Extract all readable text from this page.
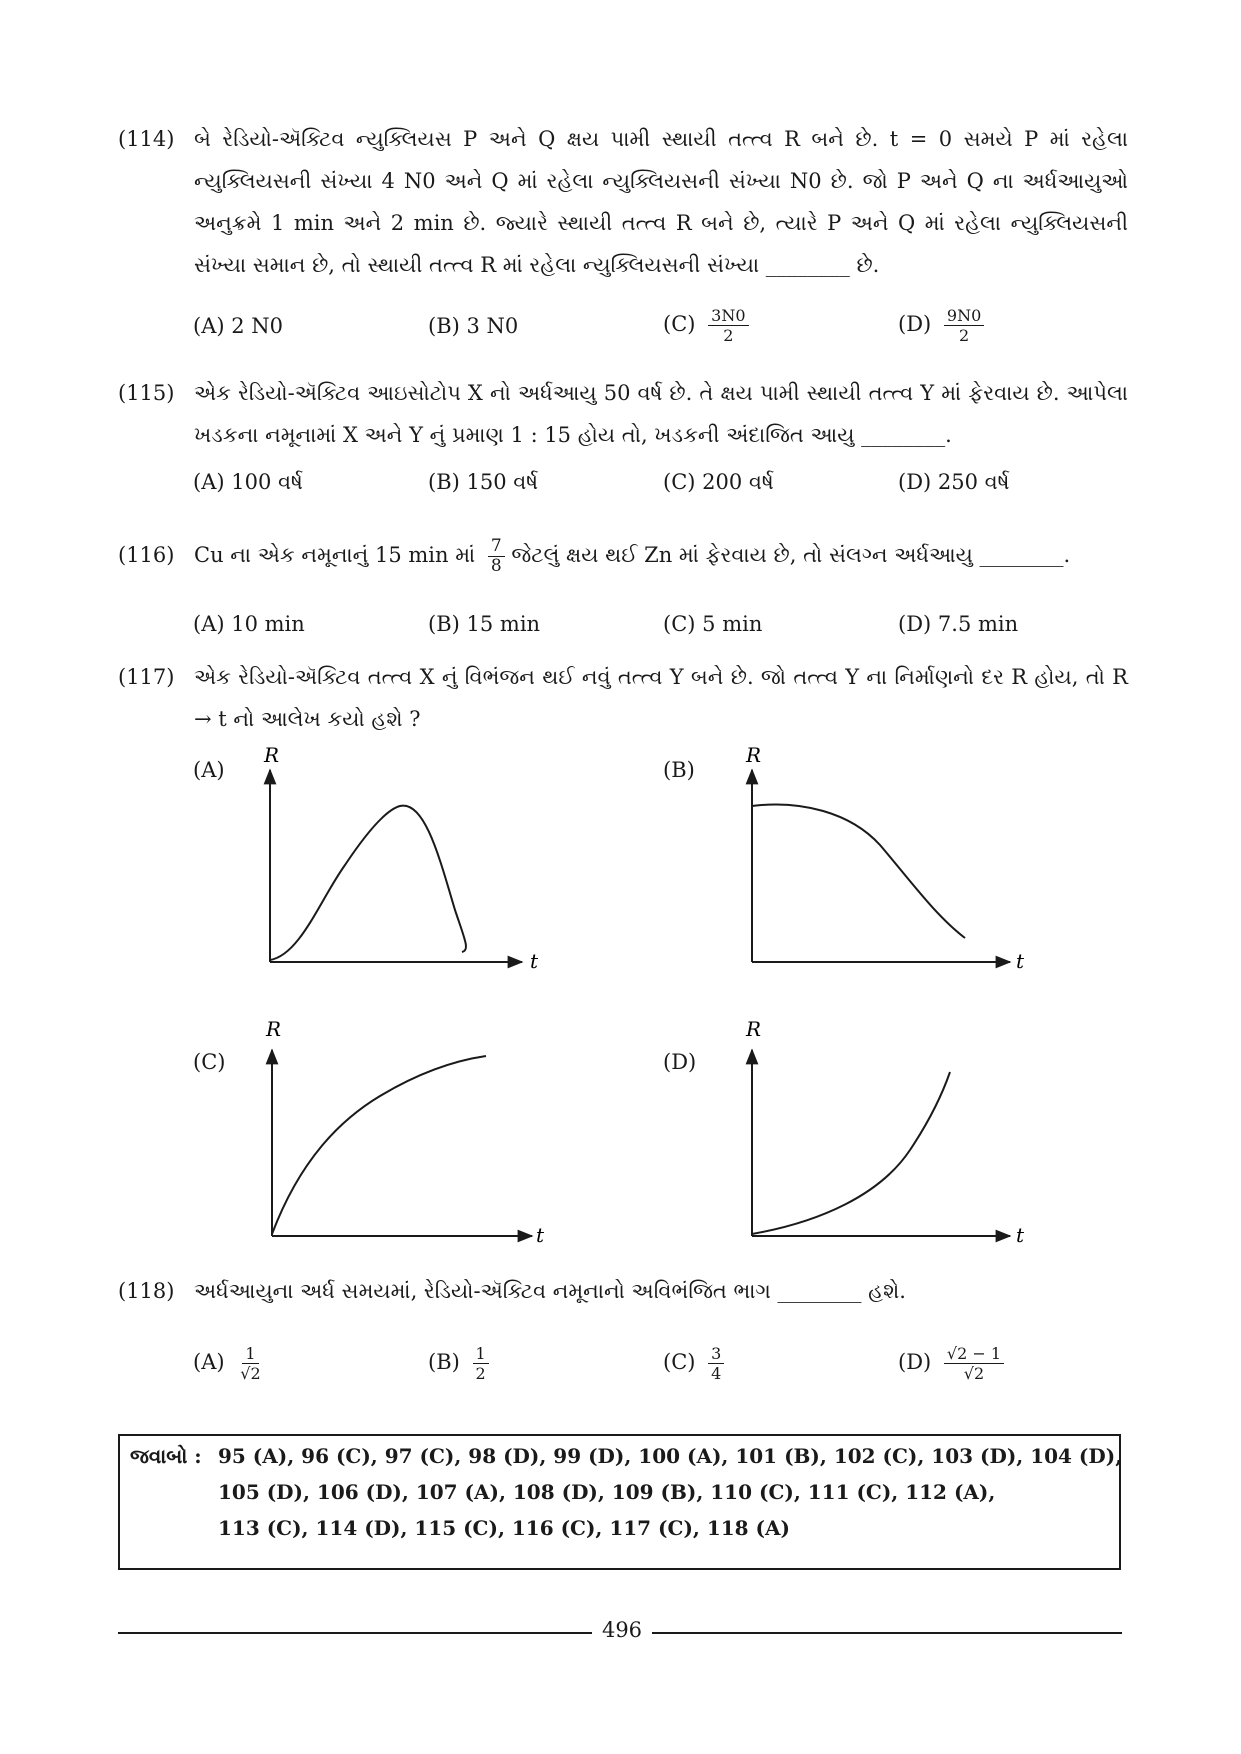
(114) બે રેડિયો-ઍક્ટિવ ન્યુક્લિયસ P અને Q ક્ષય પામી સ્થાયી તત્ત્વ R બને છે. t = 0 સમયે P માં રહેલા ન્યુક્લિયસની સંખ્યા 4 N0 અને Q માં રહેલા ન્યુક્લિયસની સંખ્યા N0 છે. જો P અને Q ના અર્ધઆયુઓ અનુક્રમે 1 min અને 2 min છે. જ્યારે સ્થાયી તત્ત્વ R બને છે, ત્યારે P અને Q માં રહેલા ન્યુક્લિયસની સંખ્યા સમાન છે, તો સ્થાયી તત્ત્વ R માં રહેલા ન્યુક્લિયસની સંખ્યા ________ છે.
(A) 2 N0	(B) 3 N0	$(C) \frac{3N0}{2}$	$(D) \frac{9N0}{2}$
(115) એક રેડિયો-ઍક્ટિવ આઇસોટોપ X નો અર્ધઆયુ 50 વર્ષ છે. તે ક્ષય પામી સ્થાયી તત્ત્વ Y માં ફેરવાય છે. આપેલા ખડકના નમૂનામાં X અને Y નું પ્રમાણ 1 : 15 હોય તો, ખડકની અંદાજિત આયુ ________.
(A) 100 વર્ષ	(B) 150 વર્ષ	(C) 200 વર્ષ	(D) 250 વર્ષ
(116) Cu ના એક નમૂનાનું 15 min માં $\frac{7}{8}$ જેટલું ક્ષય થઈ Zn માં ફેરવાય છે, તો સંલગ્ન અર્ધઆયુ ________.
(A) 10 min	(B) 15 min	(C) 5 min	(D) 7.5 min
(117) એક રેડિયો-ઍક્ટિવ તત્ત્વ X નું વિભંજન થઈ નવું તત્ત્વ Y બને છે. જો તત્ત્વ Y ના નિર્માણનો દર R હોય, તો R → t નો આલેખ કયો હશે ?
(A)	(B)
(C)	(D)
R
t
R
t
R
t
R
t
(118) અર્ધઆયુના અર્ધ સમયમાં, રેડિયો-ઍક્ટિવ નમૂનાનો અવિભંજિત ભાગ ________ હશે.
$(A) \frac{1}{√2}$	$(B) \frac{1}{2}$	$(C) \frac{3}{4}$	$(D) \frac{√2 - 1}{√2}$
જવાબો : 95 (A), 96 (C), 97 (C), 98 (D), 99 (D), 100 (A), 101 (B), 102 (C), 103 (D), 104 (D),
105 (D), 106 (D), 107 (A), 108 (D), 109 (B), 110 (C), 111 (C), 112 (A),
113 (C), 114 (D), 115 (C), 116 (C), 117 (C), 118 (A)
496
